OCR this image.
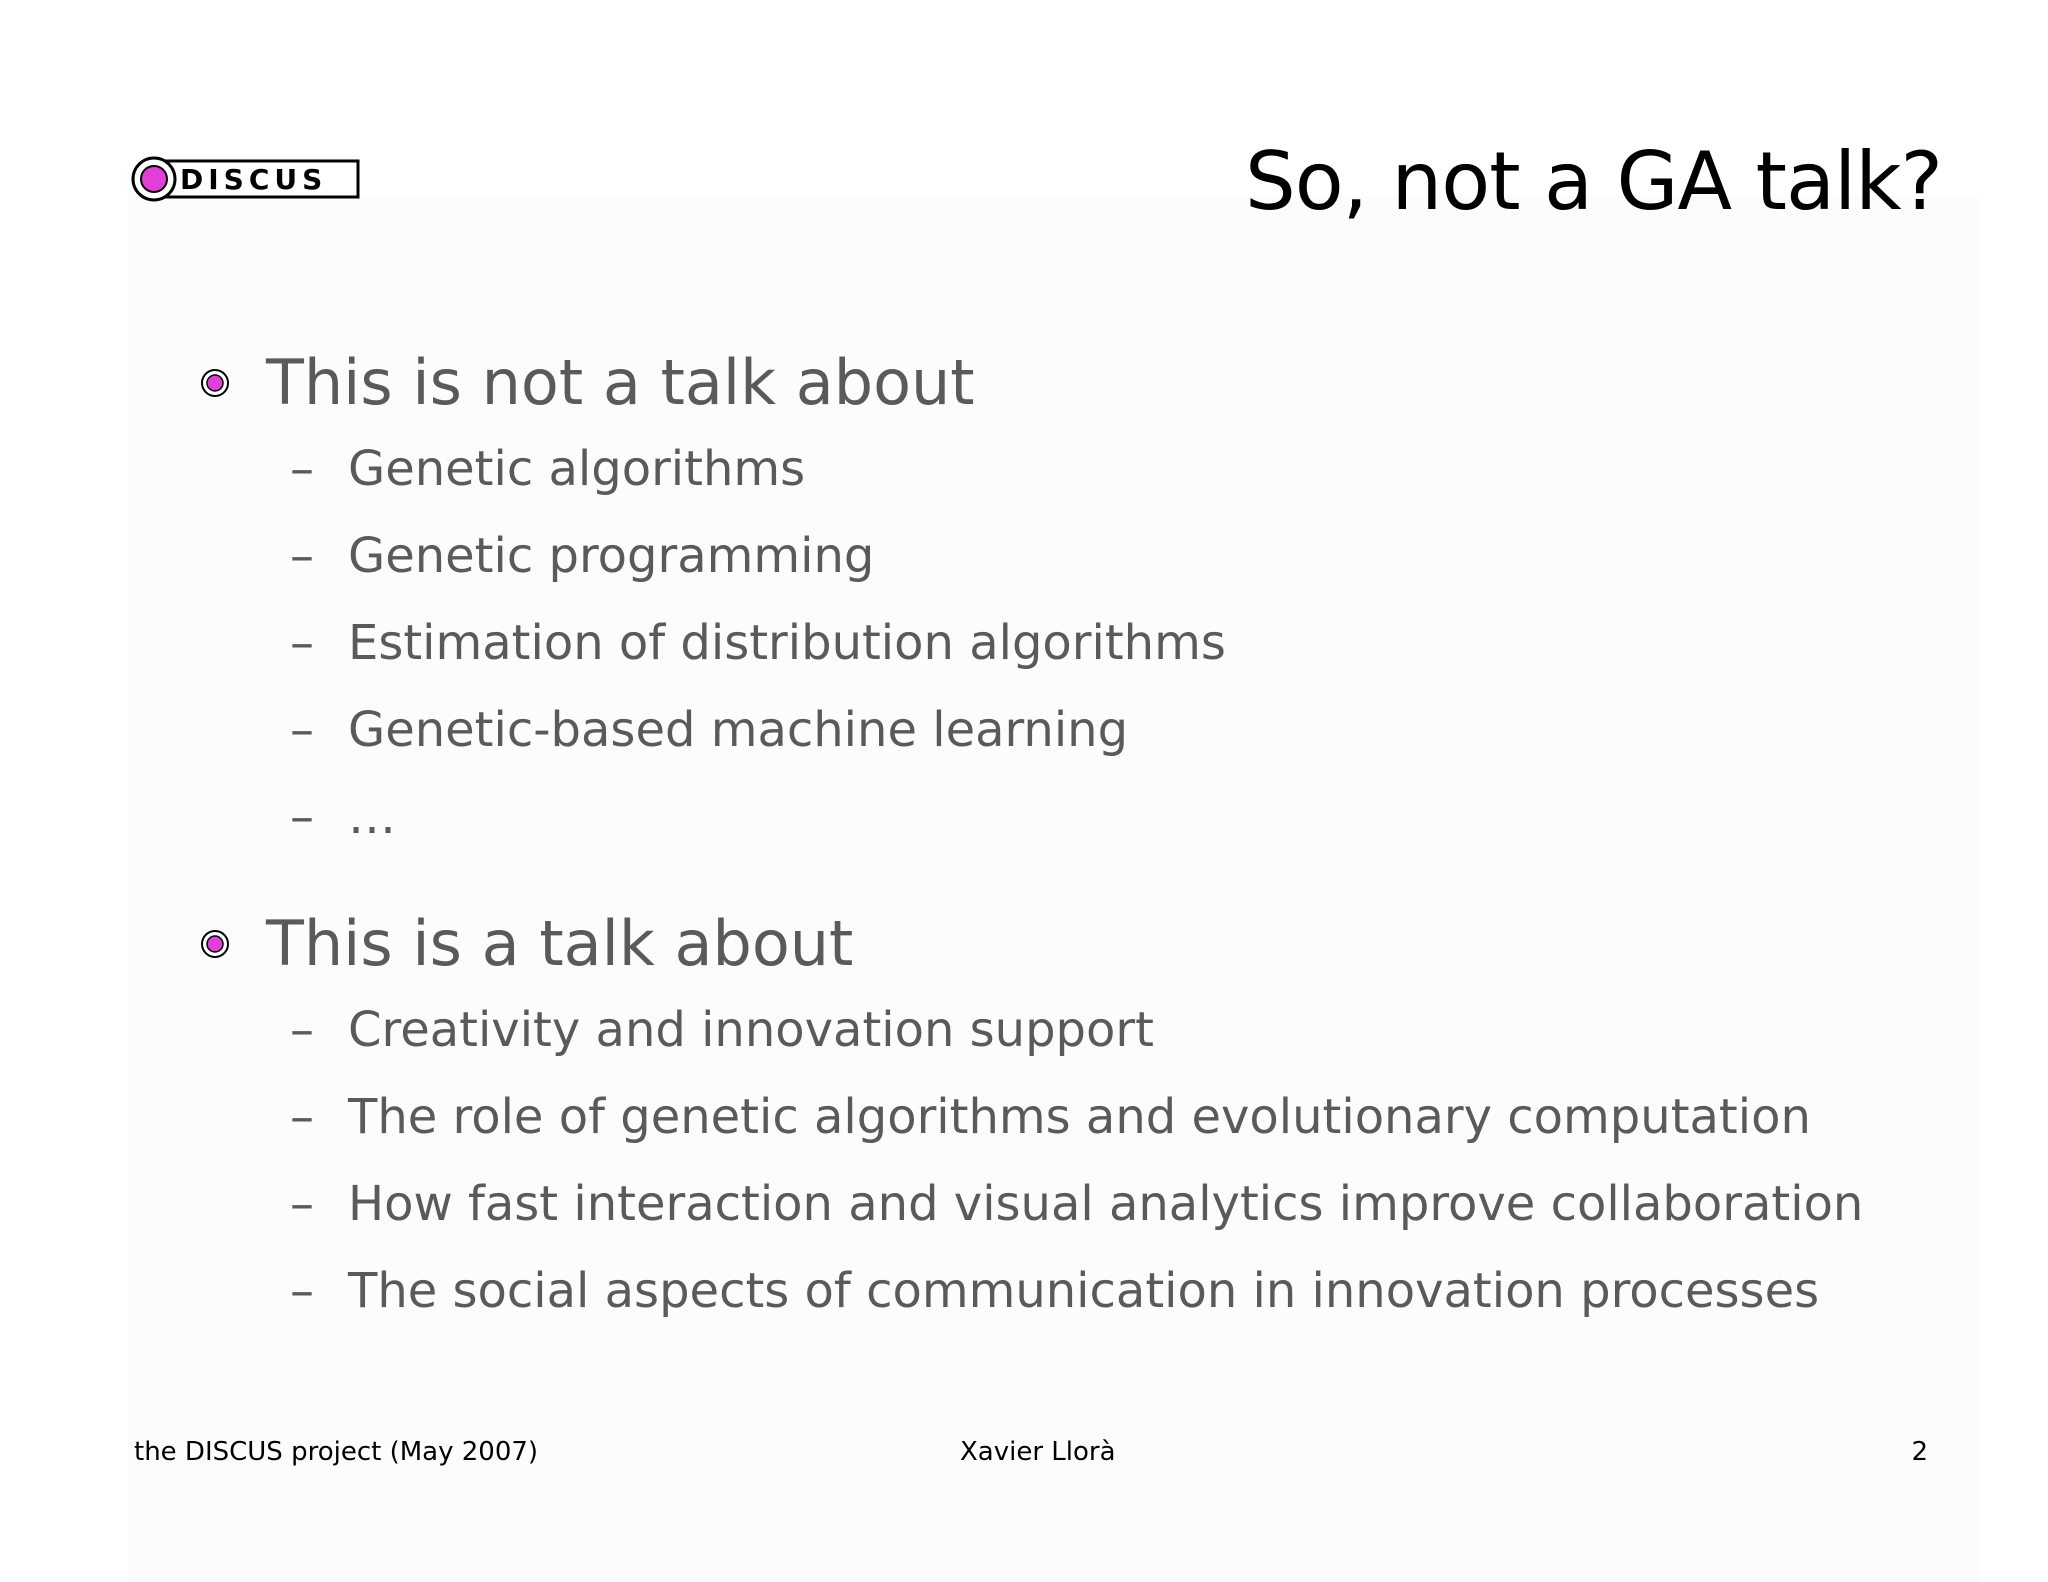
DISCUS	So, not a GA talk?
This is not a talk about
– Genetic algorithms
– Genetic programming
– Estimation of distribution algorithms
– Genetic-based machine learning
– …
This is a talk about
– Creativity and innovation support
– The role of genetic algorithms and evolutionary computation
– How fast interaction and visual analytics improve collaboration
– The social aspects of communication in innovation processes
the DISCUS project (May 2007)	Xavier Llorà	2
